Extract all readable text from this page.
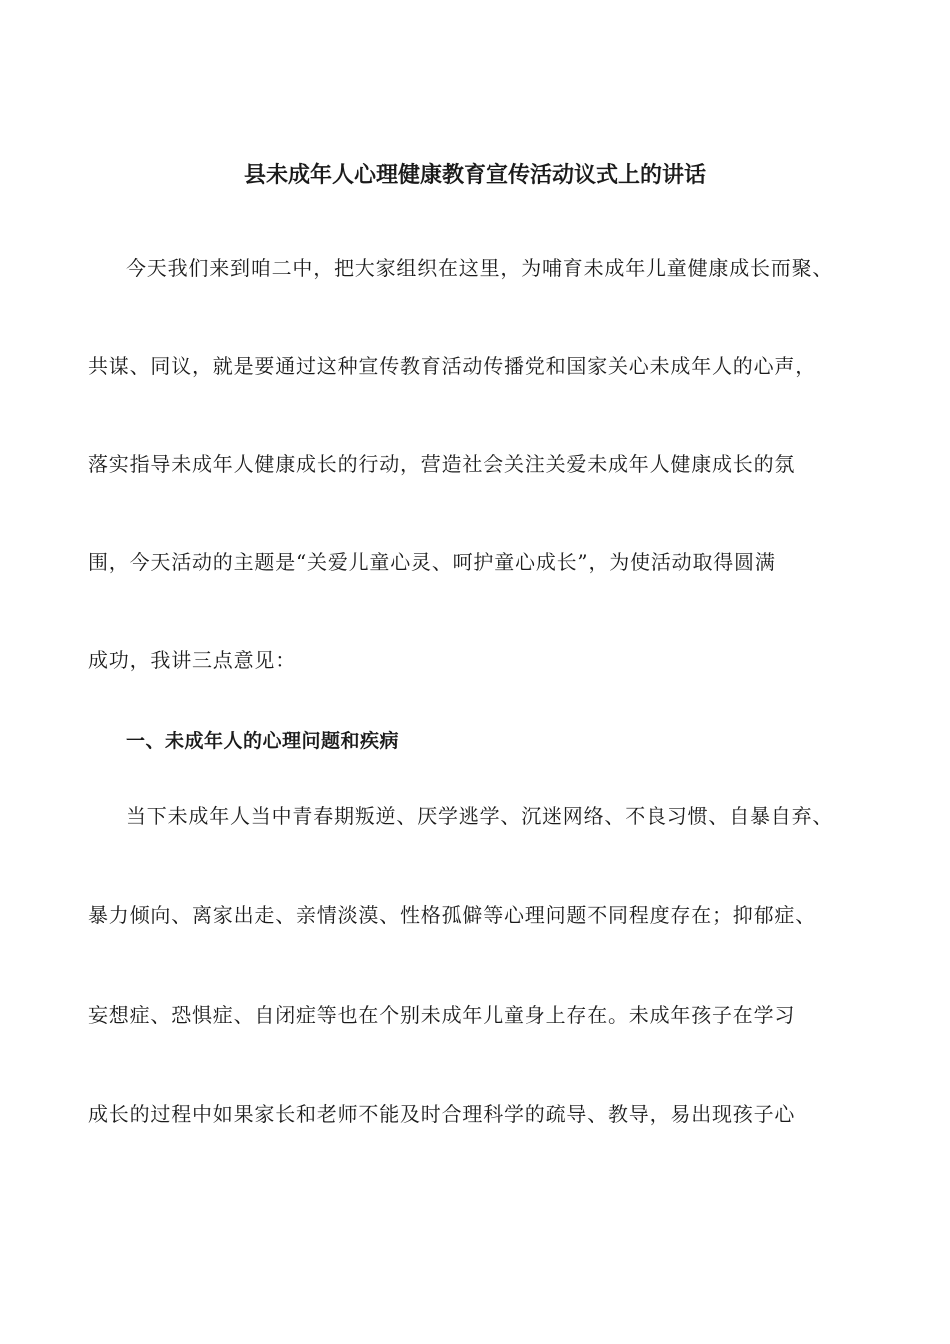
县未成年人心理健康教育宣传活动议式上的讲话
今天我们来到咱二中，把大家组织在这里，为哺育未成年儿童健康成长而聚、
共谋、同议，就是要通过这种宣传教育活动传播党和国家关心未成年人的心声，
落实指导未成年人健康成长的行动，营造社会关注关爱未成年人健康成长的氛
围，今天活动的主题是“关爱儿童心灵、呵护童心成长”，为使活动取得圆满
成功，我讲三点意见：
一、未成年人的心理问题和疾病
当下未成年人当中青春期叛逆、厌学逃学、沉迷网络、不良习惯、自暴自弃、
暴力倾向、离家出走、亲情淡漠、性格孤僻等心理问题不同程度存在；抑郁症、
妄想症、恐惧症、自闭症等也在个别未成年儿童身上存在。未成年孩子在学习
成长的过程中如果家长和老师不能及时合理科学的疏导、教导，易出现孩子心
